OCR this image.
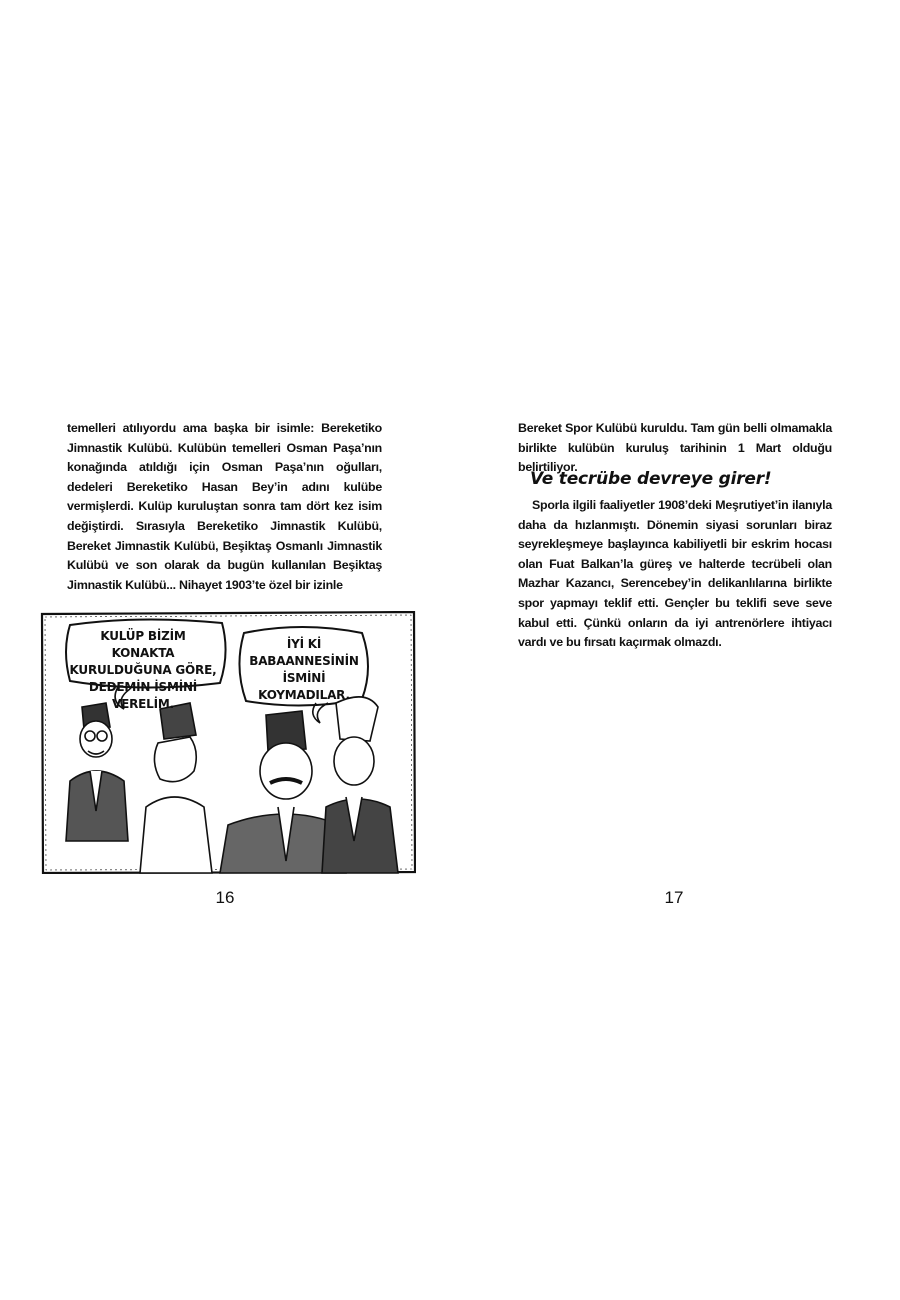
temelleri atılıyordu ama başka bir isimle: Bereketiko Jimnastik Kulübü. Kulübün temelleri Osman Paşa’nın konağında atıldığı için Osman Paşa’nın oğulları, dedeleri Bereketiko Hasan Bey’in adını kulübe vermişlerdi. Kulüp kuruluştan sonra tam dört kez isim değiştirdi. Sırasıyla Bereketiko Jimnastik Kulübü, Bereket Jimnastik Kulübü, Beşiktaş Osmanlı Jimnastik Kulübü ve son olarak da bugün kullanılan Beşiktaş Jimnastik Kulübü... Nihayet 1903’te özel bir izinle

KULÜP BİZİM KONAKTA
KURULDUĞUNA GÖRE,
DEDEMİN İSMİNİ VERELİM.
İYİ Kİ
BABAANNESİNİN
İSMİNİ KOYMADILAR.
16

Bereket Spor Kulübü kuruldu. Tam gün belli olmamakla birlikte kulübün kuruluş tarihinin 1 Mart olduğu belirtiliyor.

Ve tecrübe devreye girer!

Sporla ilgili faaliyetler 1908’deki Meşrutiyet’in ilanıyla daha da hızlanmıştı. Dönemin siyasi sorunları biraz seyrekleşmeye başlayınca kabiliyetli bir eskrim hocası olan Fuat Balkan’la güreş ve halterde tecrübeli olan Mazhar Kazancı, Serencebey’in delikanlılarına birlikte spor yapmayı teklif etti. Gençler bu teklifi seve seve kabul etti. Çünkü onların da iyi antrenörlere ihtiyacı vardı ve bu fırsatı kaçırmak olmazdı.

17
